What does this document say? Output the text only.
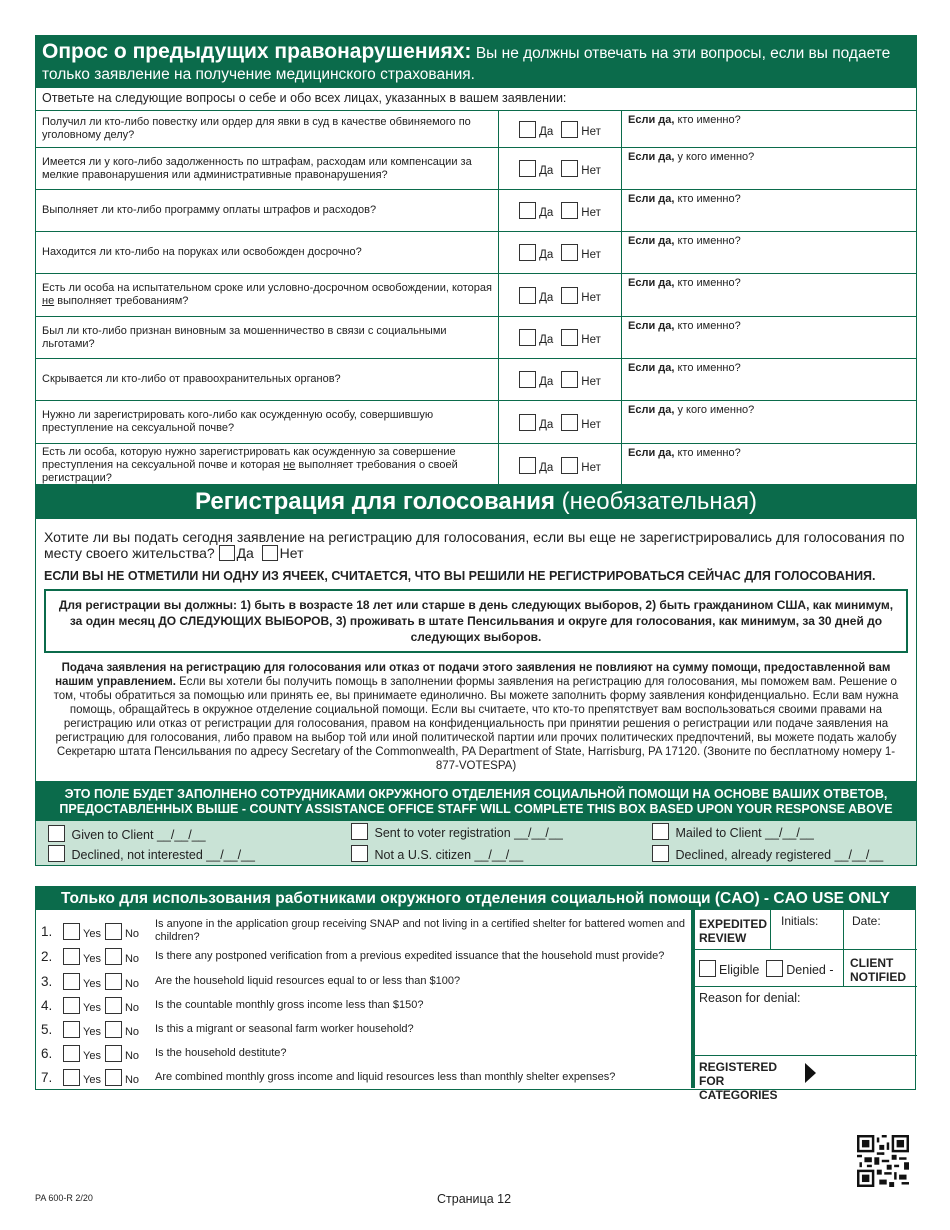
Опрос о предыдущих правонарушениях: Вы не должны отвечать на эти вопросы, если вы подаете только заявление на получение медицинского страхования.
Ответьте на следующие вопросы о себе и обо всех лицах, указанных в вашем заявлении:
Получил ли кто-либо повестку или ордер для явки в суд в качестве обвиняемого по уголовному делу?	Да	Нет
Если да, кто именно?
Имеется ли у кого-либо задолженность по штрафам, расходам или компенсации за мелкие правонарушения или административные правонарушения?	Да	Нет
Если да, у кого именно?
Выполняет ли кто-либо программу оплаты штрафов и расходов?	Да	Нет
Если да, кто именно?
Находится ли кто-либо на поруках или освобожден досрочно?	Да	Нет
Если да, кто именно?
Есть ли особа на испытательном сроке или условно-досрочном освобождении, которая не выполняет требованиям?	Да	Нет
Если да, кто именно?
Был ли кто-либо признан виновным за мошенничество в связи с социальными льготами?	Да	Нет
Если да, кто именно?
Скрывается ли кто-либо от правоохранительных органов?	Да	Нет
Если да, кто именно?
Нужно ли зарегистрировать кого-либо как осужденную особу, совершившую преступление на сексуальной почве?	Да	Нет
Если да, у кого именно?
Есть ли особа, которую нужно зарегистрировать как осужденную за совершение преступления на сексуальной почве и которая не выполняет требования о своей регистрации?
Да	Нет
Если да, кто именно?
Регистрация для голосования (необязательная)
Хотите ли вы подать сегодня заявление на регистрацию для голосования, если вы еще не зарегистрировались для голосования по месту своего жительства? Да Нет
ЕСЛИ ВЫ НЕ ОТМЕТИЛИ НИ ОДНУ ИЗ ЯЧЕЕК, СЧИТАЕТСЯ, ЧТО ВЫ РЕШИЛИ НЕ РЕГИСТРИРОВАТЬСЯ СЕЙЧАС ДЛЯ ГОЛОСОВАНИЯ.
Для регистрации вы должны: 1) быть в возрасте 18 лет или старше в день следующих выборов, 2) быть гражданином США, как минимум, за один месяц ДО СЛЕДУЮЩИХ ВЫБОРОВ, 3) проживать в штате Пенсильвания и округе для голосования, как минимум, за 30 дней до следующих выборов.
Подача заявления на регистрацию для голосования или отказ от подачи этого заявления не повлияют на сумму помощи, предоставленной вам нашим управлением. Если вы хотели бы получить помощь в заполнении формы заявления на регистрацию для голосования, мы поможем вам. Решение о том, чтобы обратиться за помощью или принять ее, вы принимаете единолично. Вы можете заполнить форму заявления конфиденциально. Если вам нужна помощь, обращайтесь в окружное отделение социальной помощи. Если вы считаете, что кто-то препятствует вам воспользоваться своими правами на регистрацию или отказ от регистрации для голосования, правом на конфиденциальность при принятии решения о регистрации или подаче заявления на регистрацию для голосования, либо правом на выбор той или иной политической партии или прочих политических предпочтений, вы можете подать жалобу Секретарю штата Пенсильвания по адресу Secretary of the Commonwealth, PA Department of State, Harrisburg, PA 17120. (Звоните по бесплатному номеру 1-877-VOTESPA)
ЭТО ПОЛЕ БУДЕТ ЗАПОЛНЕНО СОТРУДНИКАМИ ОКРУЖНОГО ОТДЕЛЕНИЯ СОЦИАЛЬНОЙ ПОМОЩИ НА ОСНОВЕ ВАШИХ ОТВЕТОВ, ПРЕДОСТАВЛЕННЫХ ВЫШЕ - COUNTY ASSISTANCE OFFICE STAFF WILL COMPLETE THIS BOX BASED UPON YOUR RESPONSE ABOVE
Given to Client __/__/__	Sent to voter registration __/__/__	Mailed to Client __/__/__
Declined, not interested __/__/__	Not a U.S. citizen __/__/__	Declined, already registered __/__/__
Только для использования работниками окружного отделения социальной помощи (CAO) - CAO USE ONLY
1.	Yes	No
Is anyone in the application group receiving SNAP and not living in a certified shelter for battered women and children?
2.	Yes	No Is there any postponed verification from a previous expedited issuance that the household must provide?
3.	Yes	No Are the household liquid resources equal to or less than $100?
4.	Yes	No Is the countable monthly gross income less than $150?
5.	Yes	No Is this a migrant or seasonal farm worker household?
6.	Yes	No Is the household destitute?
7.	Yes	No Are combined monthly gross income and liquid resources less than monthly shelter expenses?
EXPEDITED REVIEW
Initials:	Date:
Eligible Denied -	CLIENT NOTIFIED
Reason for denial:
REGISTERED FOR CATEGORIES
PA 600-R 2/20	Страница 12
